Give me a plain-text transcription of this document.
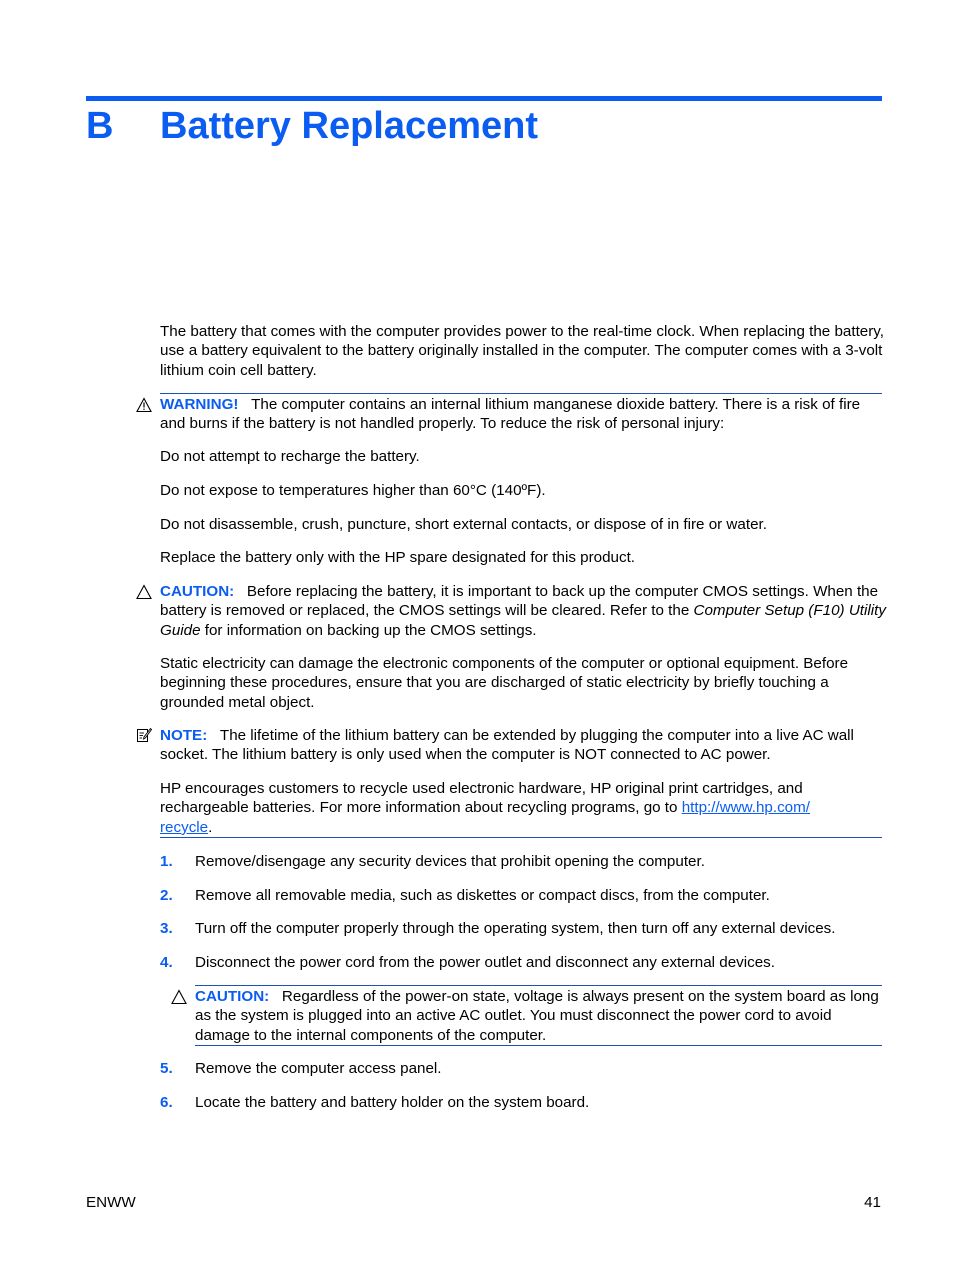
B Battery Replacement

The battery that comes with the computer provides power to the real-time clock. When replacing the battery, use a battery equivalent to the battery originally installed in the computer. The computer comes with a 3-volt lithium coin cell battery.

WARNING! The computer contains an internal lithium manganese dioxide battery. There is a risk of fire and burns if the battery is not handled properly. To reduce the risk of personal injury:

Do not attempt to recharge the battery.

Do not expose to temperatures higher than 60°C (140ºF).

Do not disassemble, crush, puncture, short external contacts, or dispose of in fire or water.

Replace the battery only with the HP spare designated for this product.

CAUTION: Before replacing the battery, it is important to back up the computer CMOS settings. When the battery is removed or replaced, the CMOS settings will be cleared. Refer to the Computer Setup (F10) Utility Guide for information on backing up the CMOS settings.

Static electricity can damage the electronic components of the computer or optional equipment. Before beginning these procedures, ensure that you are discharged of static electricity by briefly touching a grounded metal object.

NOTE: The lifetime of the lithium battery can be extended by plugging the computer into a live AC wall socket. The lithium battery is only used when the computer is NOT connected to AC power.

HP encourages customers to recycle used electronic hardware, HP original print cartridges, and rechargeable batteries. For more information about recycling programs, go to http://www.hp.com/
recycle.

1.	Remove/disengage any security devices that prohibit opening the computer.

2.	Remove all removable media, such as diskettes or compact discs, from the computer.

3.	Turn off the computer properly through the operating system, then turn off any external devices.

4.	Disconnect the power cord from the power outlet and disconnect any external devices.

CAUTION: Regardless of the power-on state, voltage is always present on the system board as long as the system is plugged into an active AC outlet. You must disconnect the power cord to avoid damage to the internal components of the computer.

5.	Remove the computer access panel.

6.	Locate the battery and battery holder on the system board.

ENWW	41
